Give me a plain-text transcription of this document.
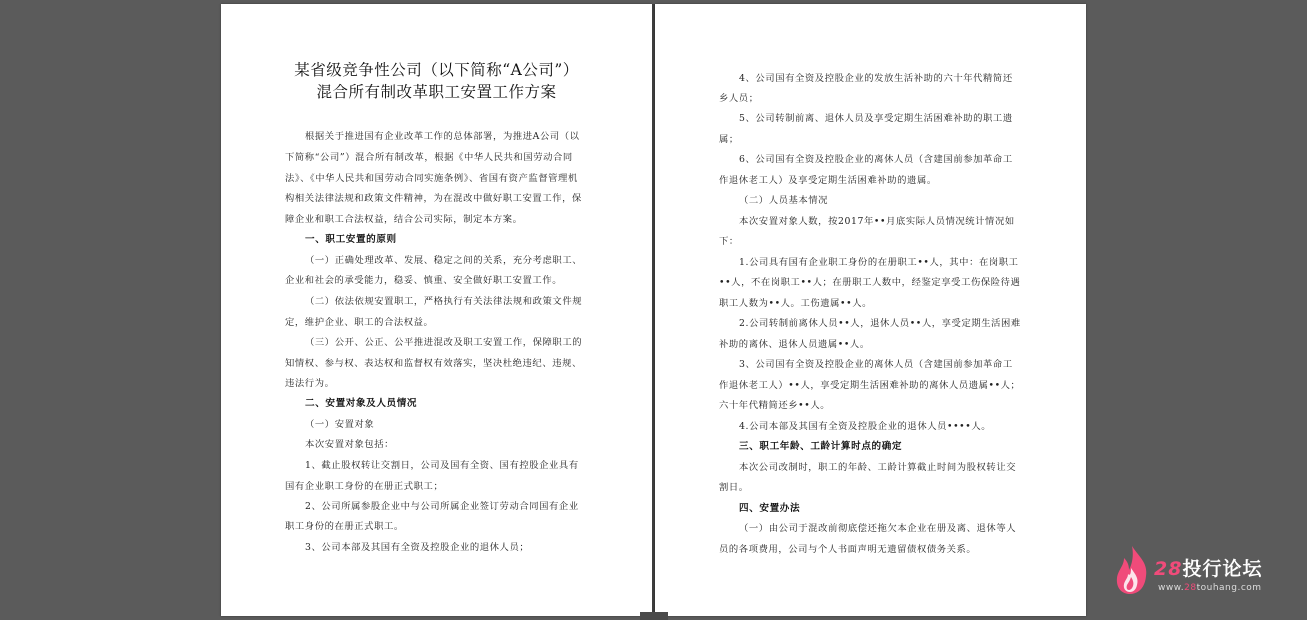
某省级竞争性公司（以下简称“A公司”）
混合所有制改革职工安置工作方案
根据关于推进国有企业改革工作的总体部署，为推进A公司（以
下简称“公司”）混合所有制改革，根据《中华人民共和国劳动合同
法》、《中华人民共和国劳动合同实施条例》、省国有资产监督管理机
构相关法律法规和政策文件精神，为在混改中做好职工安置工作，保
障企业和职工合法权益，结合公司实际，制定本方案。
一、职工安置的原则
（一）正确处理改革、发展、稳定之间的关系，充分考虑职工、
企业和社会的承受能力，稳妥、慎重、安全做好职工安置工作。
（二）依法依规安置职工，严格执行有关法律法规和政策文件规
定，维护企业、职工的合法权益。
（三）公开、公正、公平推进混改及职工安置工作，保障职工的
知情权、参与权、表达权和监督权有效落实，坚决杜绝违纪、违规、
违法行为。
二、安置对象及人员情况
（一）安置对象
本次安置对象包括：
1、截止股权转让交割日，公司及国有全资、国有控股企业具有
国有企业职工身份的在册正式职工；
2、公司所属参股企业中与公司所属企业签订劳动合同国有企业
职工身份的在册正式职工。
3、公司本部及其国有全资及控股企业的退休人员；
4、公司国有全资及控股企业的发放生活补助的六十年代精简还
乡人员；
5、公司转制前离、退休人员及享受定期生活困难补助的职工遗
属；
6、公司国有全资及控股企业的离休人员（含建国前参加革命工
作退休老工人）及享受定期生活困难补助的遗属。
（二）人员基本情况
本次安置对象人数，按2017年••月底实际人员情况统计情况如
下：
1.公司具有国有企业职工身份的在册职工••人，其中：在岗职工
••人，不在岗职工••人；在册职工人数中，经鉴定享受工伤保险待遇
职工人数为••人。工伤遗属••人。
2.公司转制前离休人员••人，退休人员••人，享受定期生活困难
补助的离休、退休人员遗属••人。
3、公司国有全资及控股企业的离休人员（含建国前参加革命工
作退休老工人）••人，享受定期生活困难补助的离休人员遗属••人；
六十年代精简还乡••人。
4.公司本部及其国有全资及控股企业的退休人员••••人。
三、职工年龄、工龄计算时点的确定
本次公司改制时，职工的年龄、工龄计算截止时间为股权转让交
割日。
四、安置办法
（一）由公司于混改前彻底偿还拖欠本企业在册及离、退休等人
员的各项费用，公司与个人书面声明无遗留债权债务关系。
28投行论坛
www.28touhang.com
